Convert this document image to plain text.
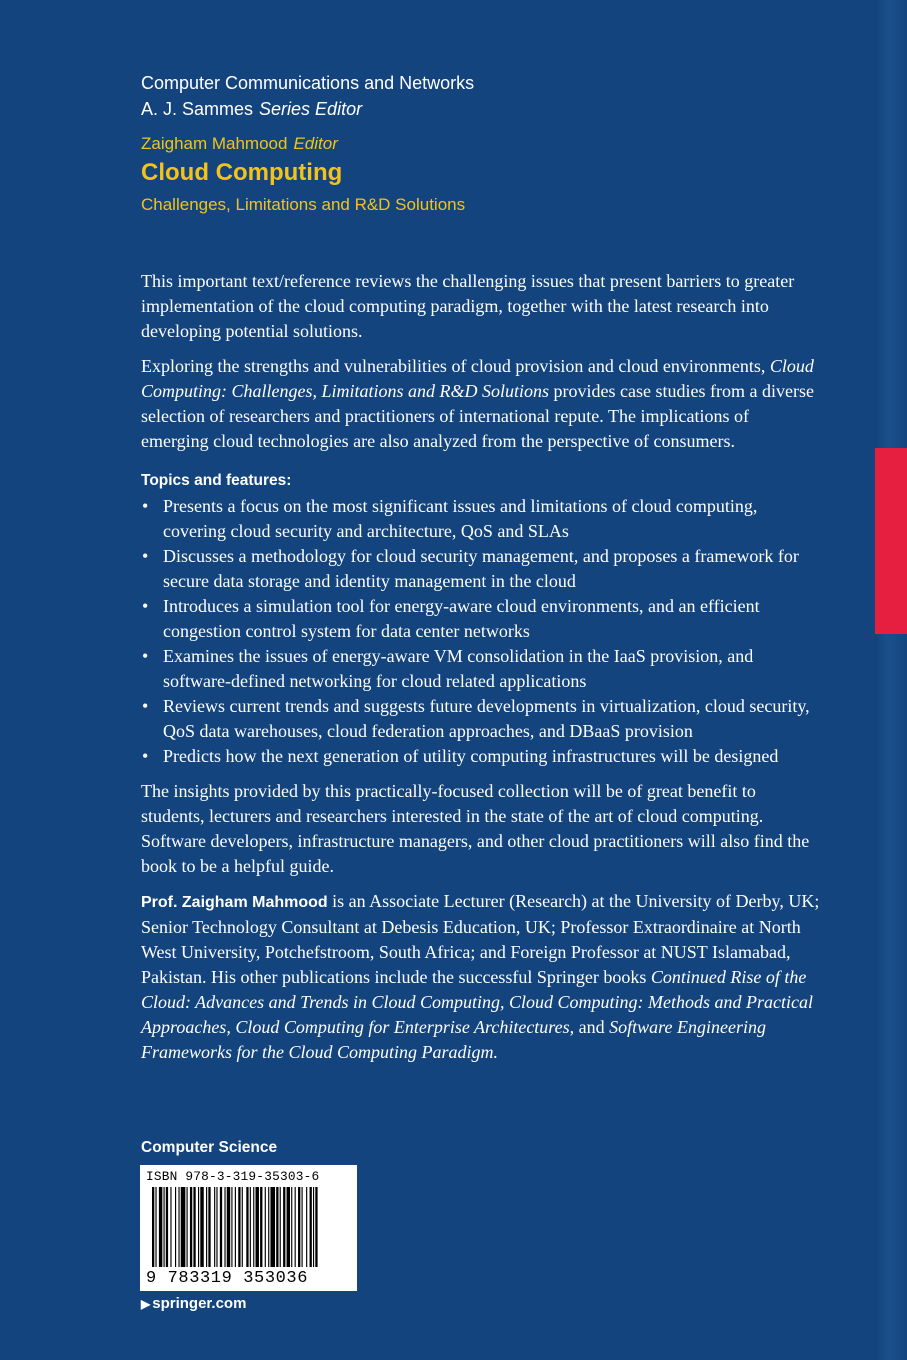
Computer Communications and Networks
A. J. Sammes Series Editor
Zaigham Mahmood Editor
Cloud Computing
Challenges, Limitations and R&D Solutions

This important text/reference reviews the challenging issues that present barriers to greater implementation of the cloud computing paradigm, together with the latest research into developing potential solutions.

Exploring the strengths and vulnerabilities of cloud provision and cloud environments, Cloud Computing: Challenges, Limitations and R&D Solutions provides case studies from a diverse selection of researchers and practitioners of international repute. The implications of emerging cloud technologies are also analyzed from the perspective of consumers.

Topics and features:
• Presents a focus on the most significant issues and limitations of cloud computing, covering cloud security and architecture, QoS and SLAs
• Discusses a methodology for cloud security management, and proposes a framework for secure data storage and identity management in the cloud
• Introduces a simulation tool for energy-aware cloud environments, and an efficient congestion control system for data center networks
• Examines the issues of energy-aware VM consolidation in the IaaS provision, and software-defined networking for cloud related applications
• Reviews current trends and suggests future developments in virtualization, cloud security, QoS data warehouses, cloud federation approaches, and DBaaS provision
• Predicts how the next generation of utility computing infrastructures will be designed

The insights provided by this practically-focused collection will be of great benefit to students, lecturers and researchers interested in the state of the art of cloud computing. Software developers, infrastructure managers, and other cloud practitioners will also find the book to be a helpful guide.

Prof. Zaigham Mahmood is an Associate Lecturer (Research) at the University of Derby, UK; Senior Technology Consultant at Debesis Education, UK; Professor Extraordinaire at North West University, Potchefstroom, South Africa; and Foreign Professor at NUST Islamabad, Pakistan. His other publications include the successful Springer books Continued Rise of the Cloud: Advances and Trends in Cloud Computing, Cloud Computing: Methods and Practical Approaches, Cloud Computing for Enterprise Architectures, and Software Engineering Frameworks for the Cloud Computing Paradigm.

Computer Science
ISBN 978-3-319-35303-6
9 783319 353036
▶ springer.com
